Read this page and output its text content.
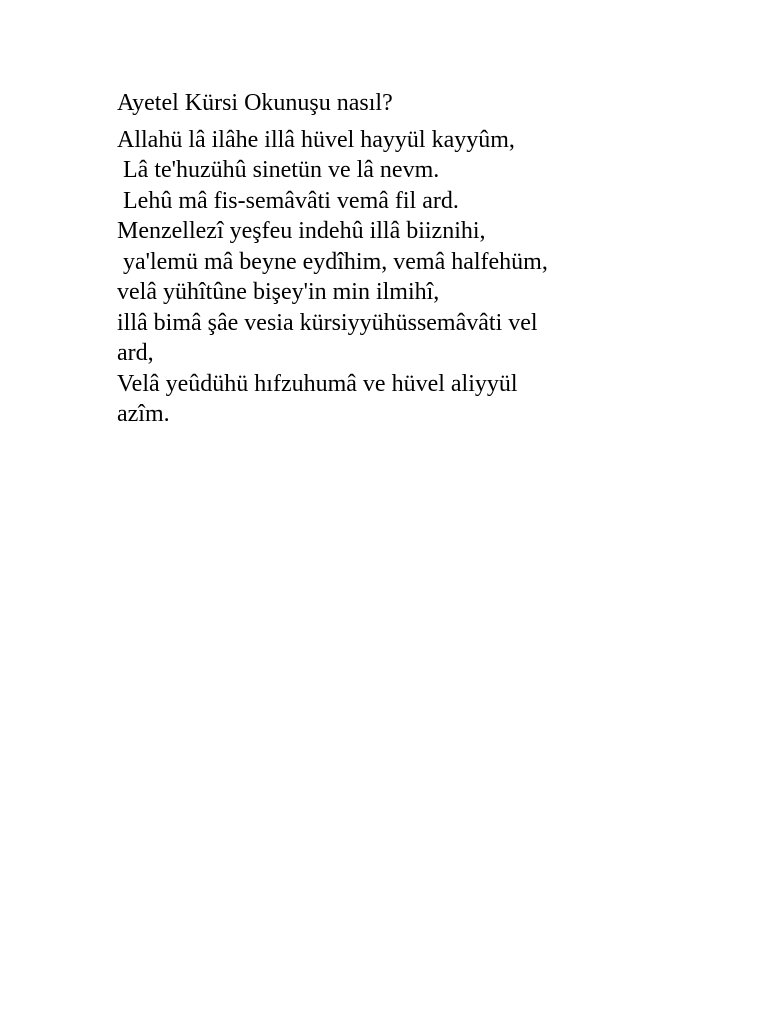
Ayetel Kürsi Okunuşu nasıl?

Allahü lâ ilâhe illâ hüvel hayyül kayyûm,

Lâ te'huzühû sinetün ve lâ nevm.

Lehû mâ fis-semâvâti vemâ fil ard.

Menzellezî yeşfeu indehû illâ biiznihi,

ya'lemü mâ beyne eydîhim, vemâ halfehüm,

velâ yühîtûne bişey'in min ilmihî,

illâ bimâ şâe vesia kürsiyyühüssemâvâti vel

ard,

Velâ yeûdühü hıfzuhumâ ve hüvel aliyyül

azîm.
